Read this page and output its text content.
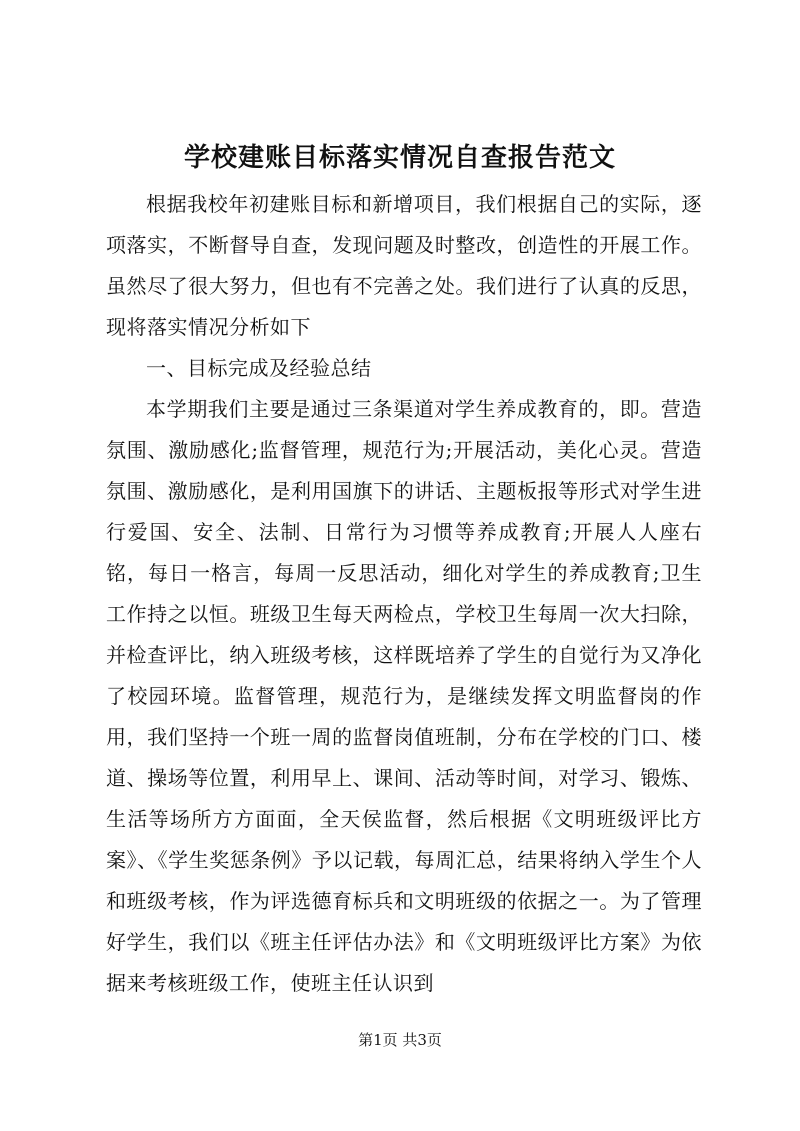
学校建账目标落实情况自查报告范文

根据我校年初建账目标和新增项目，我们根据自己的实际，逐项落实，不断督导自查，发现问题及时整改，创造性的开展工作。虽然尽了很大努力，但也有不完善之处。我们进行了认真的反思，现将落实情况分析如下

一、目标完成及经验总结

本学期我们主要是通过三条渠道对学生养成教育的，即。营造氛围、激励感化;监督管理，规范行为;开展活动，美化心灵。营造氛围、激励感化，是利用国旗下的讲话、主题板报等形式对学生进行爱国、安全、法制、日常行为习惯等养成教育;开展人人座右铭，每日一格言，每周一反思活动，细化对学生的养成教育;卫生工作持之以恒。班级卫生每天两检点，学校卫生每周一次大扫除，并检查评比，纳入班级考核，这样既培养了学生的自觉行为又净化了校园环境。监督管理，规范行为，是继续发挥文明监督岗的作用，我们坚持一个班一周的监督岗值班制，分布在学校的门口、楼道、操场等位置，利用早上、课间、活动等时间，对学习、锻炼、生活等场所方方面面，全天侯监督，然后根据《文明班级评比方案》、《学生奖惩条例》予以记载，每周汇总，结果将纳入学生个人和班级考核，作为评选德育标兵和文明班级的依据之一。为了管理好学生，我们以《班主任评估办法》和《文明班级评比方案》为依据来考核班级工作，使班主任认识到

第1页 共3页
